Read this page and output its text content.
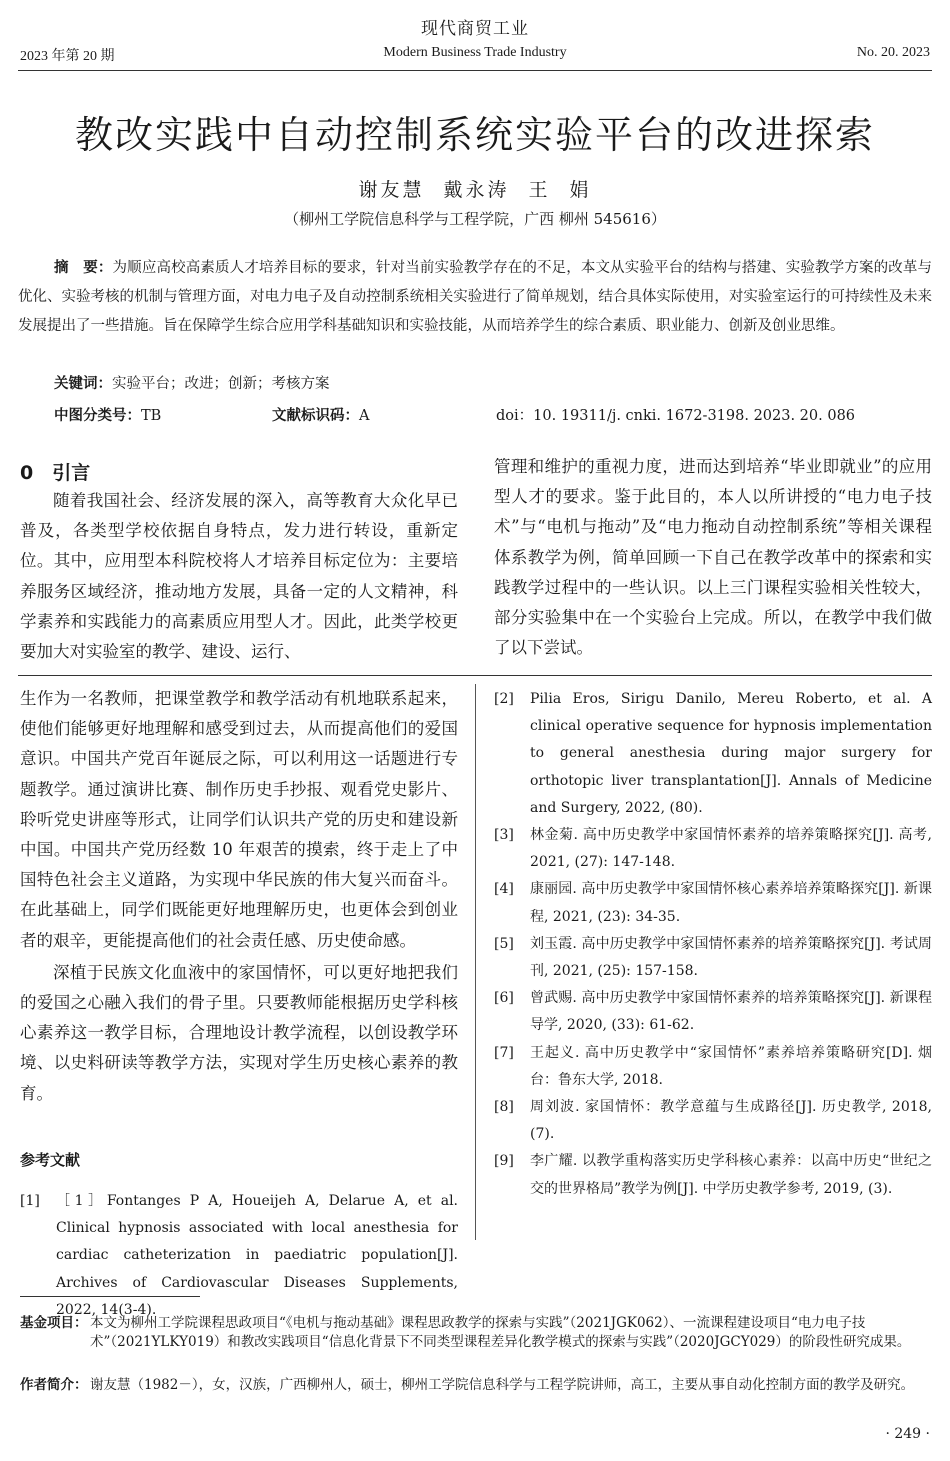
现代商贸工业
2023 年第 20 期	Modern Business Trade Industry	No. 20. 2023
教改实践中自动控制系统实验平台的改进探索
谢友慧 戴永涛 王 娟
（柳州工学院信息科学与工程学院，广西 柳州 545616）
摘　要：为顺应高校高素质人才培养目标的要求，针对当前实验教学存在的不足，本文从实验平台的结构与搭建、实验教学方案的改革与优化、实验考核的机制与管理方面，对电力电子及自动控制系统相关实验进行了简单规划，结合具体实际使用，对实验室运行的可持续性及未来发展提出了一些措施。旨在保障学生综合应用学科基础知识和实验技能，从而培养学生的综合素质、职业能力、创新及创业思维。
关键词：实验平台；改进；创新；考核方案
中图分类号：TB	文献标识码：A	doi：10. 19311/j. cnki. 1672-3198. 2023. 20. 086
0　引言

随着我国社会、经济发展的深入，高等教育大众化早已普及，各类型学校依据自身特点，发力进行转设，重新定位。其中，应用型本科院校将人才培养目标定位为：主要培养服务区域经济，推动地方发展，具备一定的人文精神，科学素养和实践能力的高素质应用型人才。因此，此类学校更要加大对实验室的教学、建设、运行、

管理和维护的重视力度，进而达到培养“毕业即就业”的应用型人才的要求。鉴于此目的，本人以所讲授的“电力电子技术”与“电机与拖动”及“电力拖动自动控制系统”等相关课程体系教学为例，简单回顾一下自己在教学改革中的探索和实践教学过程中的一些认识。以上三门课程实验相关性较大，部分实验集中在一个实验台上完成。所以，在教学中我们做了以下尝试。

生作为一名教师，把课堂教学和教学活动有机地联系起来，使他们能够更好地理解和感受到过去，从而提高他们的爱国意识。中国共产党百年诞辰之际，可以利用这一话题进行专题教学。通过演讲比赛、制作历史手抄报、观看党史影片、聆听党史讲座等形式，让同学们认识共产党的历史和建设新中国。中国共产党历经数 10 年艰苦的摸索，终于走上了中国特色社会主义道路，为实现中华民族的伟大复兴而奋斗。在此基础上，同学们既能更好地理解历史，也更体会到创业者的艰辛，更能提高他们的社会责任感、历史使命感。

深植于民族文化血液中的家国情怀，可以更好地把我们的爱国之心融入我们的骨子里。只要教师能根据历史学科核心素养这一教学目标，合理地设计教学流程，以创设教学环境、以史料研读等教学方法，实现对学生历史核心素养的教育。

参考文献
[1] ［1］Fontanges P A, Houeijeh A, Delarue A, et al. Clinical hypnosis associated with local anesthesia for cardiac catheterization in paediatric population[J]. Archives of Cardiovascular Diseases Supplements, 2022, 14(3-4).
[2] Pilia Eros, Sirigu Danilo, Mereu Roberto, et al. A clinical operative sequence for hypnosis implementation to general anesthesia during major surgery for orthotopic liver transplantation[J]. Annals of Medicine and Surgery, 2022, (80).
[3] 林金菊. 高中历史教学中家国情怀素养的培养策略探究[J]. 高考, 2021, (27): 147-148.
[4] 康丽园. 高中历史教学中家国情怀核心素养培养策略探究[J]. 新课程, 2021, (23): 34-35.
[5] 刘玉霞. 高中历史教学中家国情怀素养的培养策略探究[J]. 考试周刊, 2021, (25): 157-158.
[6] 曾武赐. 高中历史教学中家国情怀素养的培养策略探究[J]. 新课程导学, 2020, (33): 61-62.
[7] 王起义. 高中历史教学中“家国情怀”素养培养策略研究[D]. 烟台：鲁东大学, 2018.
[8] 周刘波. 家国情怀：教学意蕴与生成路径[J]. 历史教学, 2018, (7).
[9] 李广耀. 以教学重构落实历史学科核心素养：以高中历史“世纪之交的世界格局”教学为例[J]. 中学历史教学参考, 2019, (3).
基金项目： 本文为柳州工学院课程思政项目“《电机与拖动基础》课程思政教学的探索与实践”（2021JGK062）、一流课程建设项目“电力电子技术”（2021YLKY019）和教改实践项目“信息化背景下不同类型课程差异化教学模式的探索与实践”（2020JGCY029）的阶段性研究成果。
作者简介： 谢友慧（1982－），女，汉族，广西柳州人，硕士，柳州工学院信息科学与工程学院讲师，高工，主要从事自动化控制方面的教学及研究。
· 249 ·
